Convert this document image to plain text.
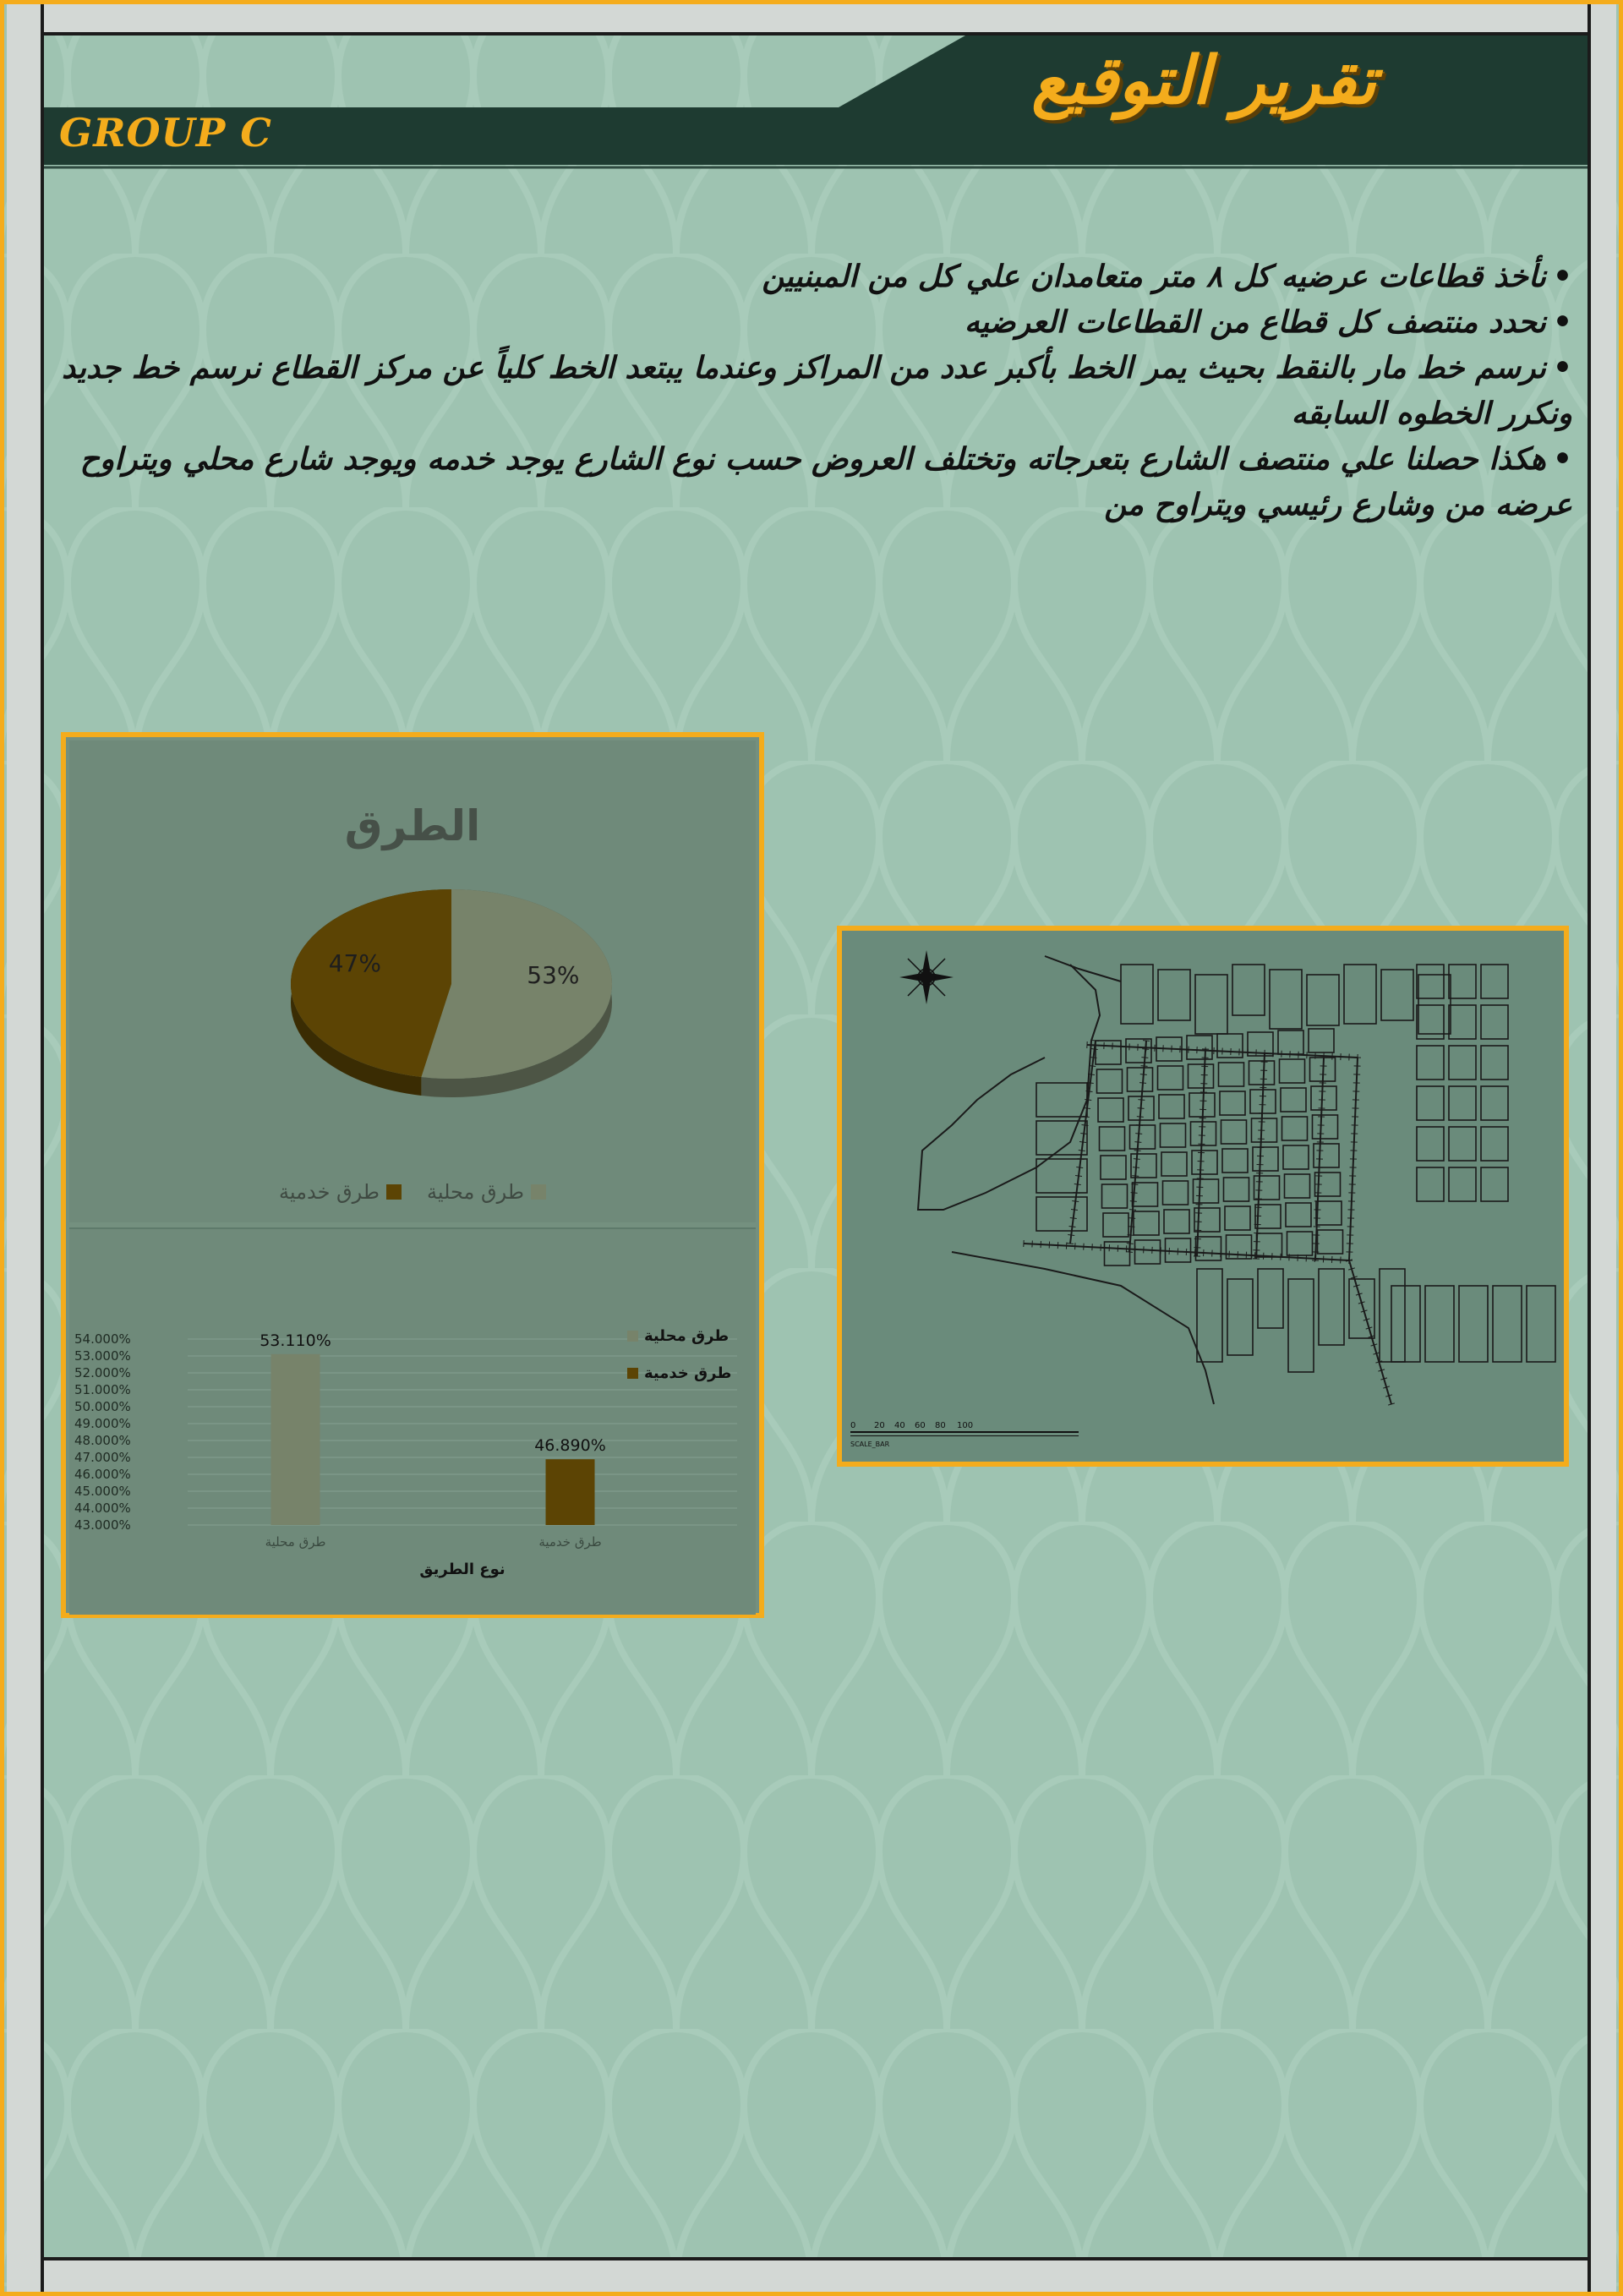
تقرير التوقيع
GROUP C

•نأخذ قطاعات عرضيه كل ٨ متر متعامدان علي كل من المبنيين

•نحدد منتصف كل قطاع من القطاعات العرضيه

•نرسم خط مار بالنقط بحيث يمر الخط بأكبر عدد من المراكز وعندما يبتعد الخط كلياً عن مركز القطاع نرسم خط جديد ونكرر الخطوه السابقه

•هكذا حصلنا علي منتصف الشارع بتعرجاته وتختلف العروض حسب نوع الشارع يوجد خدمه ويوجد شارع محلي ويتراوح عرضه من وشارع رئيسي ويتراوح من

الطرق
53%
47%
طرق محلية
طرق خدمية
54.000%
53.000%
52.000%
51.000%
50.000%
49.000%
48.000%
47.000%
46.000%
45.000%
44.000%
43.000%
53.110%
طرق محلية
46.890%
طرق خدمية
نوع الطريق
طرق محلية
طرق خدمية
0 20 40 60 80 100
SCALE_BAR
